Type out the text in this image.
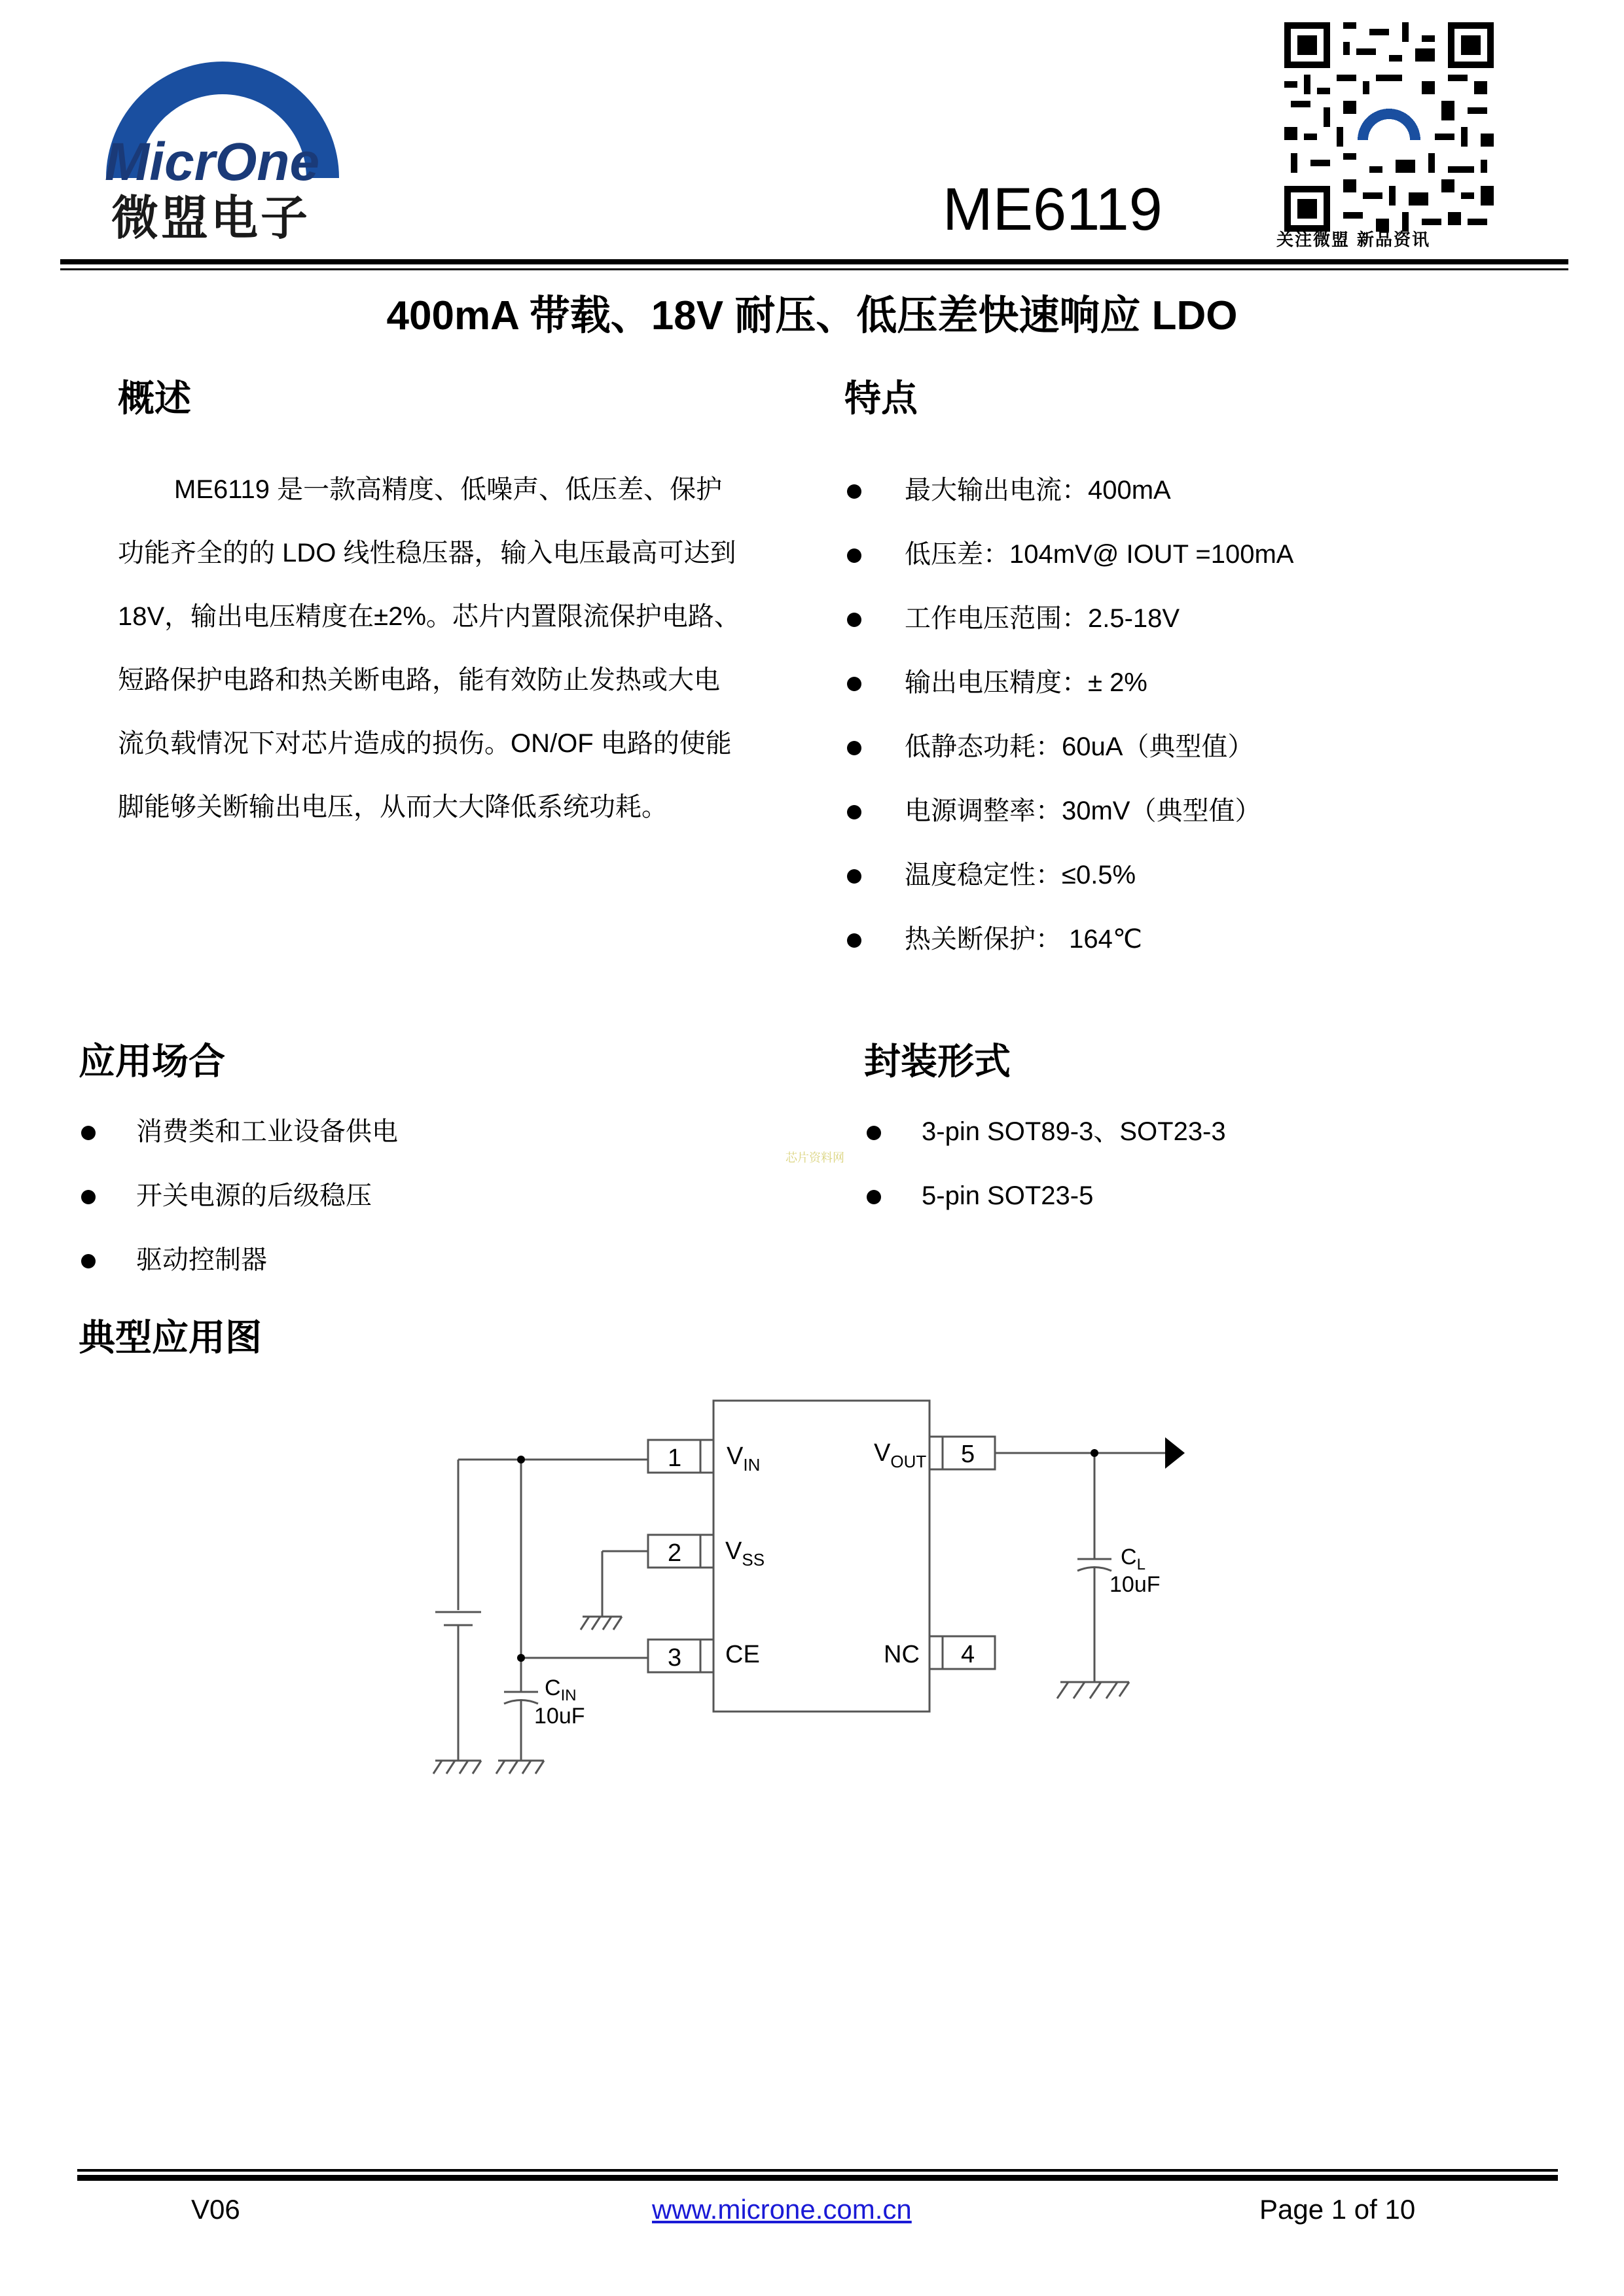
MicrOne
微盟电子	ME6119	关注微盟 新品资讯
400mA 带载、18V 耐压、低压差快速响应 LDO
概述
ME6119 是一款高精度、低噪声、低压差、保护
功能齐全的的 LDO 线性稳压器，输入电压最高可达到
18V，输出电压精度在±2%。芯片内置限流保护电路、
短路保护电路和热关断电路，能有效防止发热或大电
流负载情况下对芯片造成的损伤。ON/OF 电路的使能
脚能够关断输出电压，从而大大降低系统功耗。
特点
最大输出电流：400mA
低压差：104mV@ IOUT =100mA
工作电压范围：2.5-18V
输出电压精度：± 2%
低静态功耗：60uA（典型值）
电源调整率：30mV（典型值）
温度稳定性：≤0.5%
热关断保护： 164℃
应用场合
消费类和工业设备供电
开关电源的后级稳压
驱动控制器
芯片资料网
封装形式
3-pin SOT89-3、SOT23-3
5-pin SOT23-5
典型应用图
1
2
3
5
4
$V_{IN}$
$V_{SS}$
CE
$V_{OUT}$
NC
$C_{IN}$
10uF
$C_L$
10uF
V06	www.microne.com.cn	Page 1 of 10
